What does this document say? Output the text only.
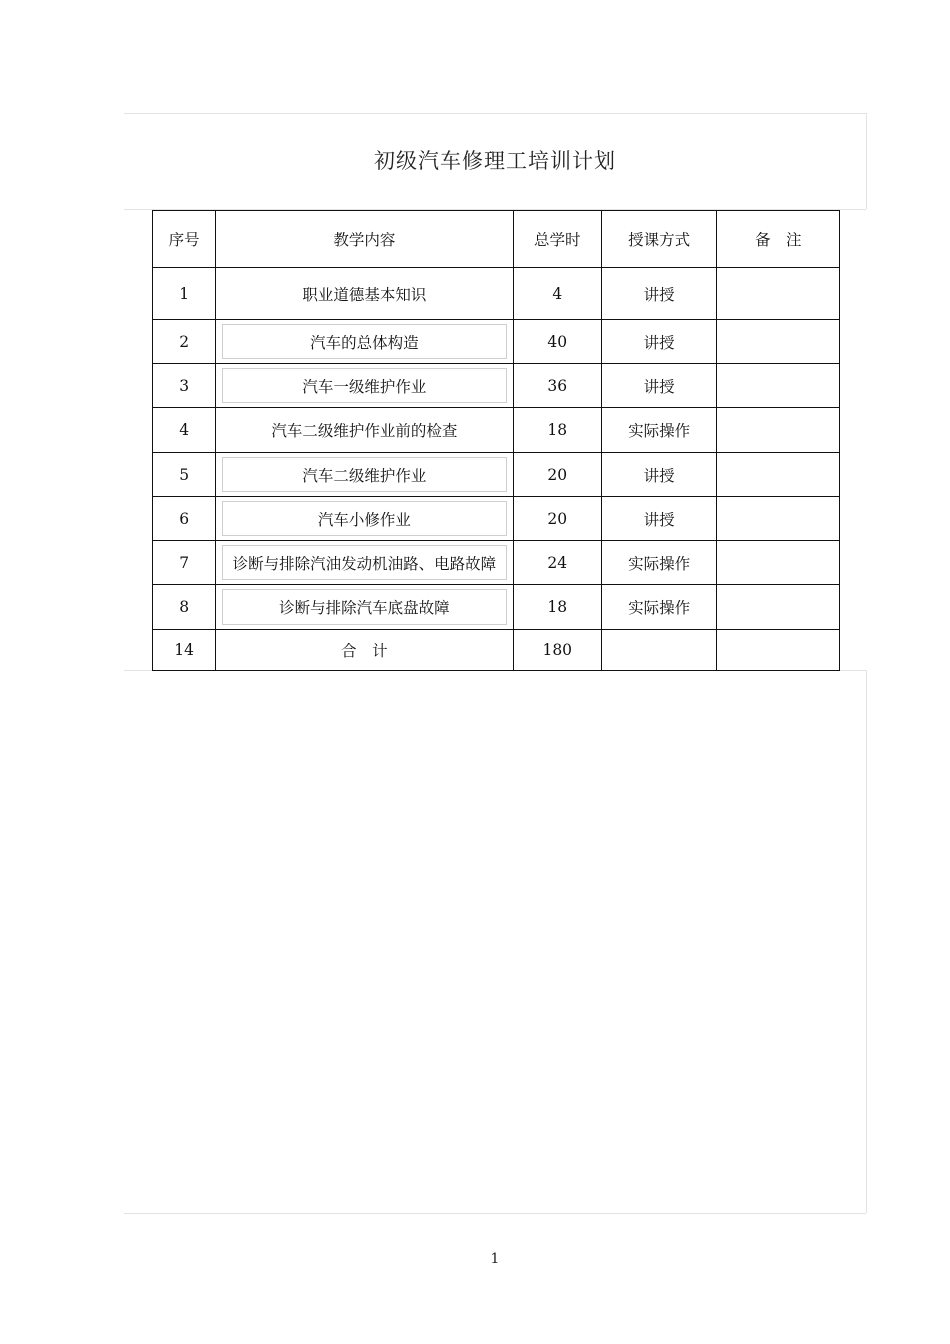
初级汽车修理工培训计划
序号	教学内容	总学时	授课方式	备　注
1	职业道德基本知识	4	讲授	
2	汽车的总体构造	40	讲授	
3	汽车一级维护作业	36	讲授	
4	汽车二级维护作业前的检查	18	实际操作	
5	汽车二级维护作业	20	讲授	
6	汽车小修作业	20	讲授	
7	诊断与排除汽油发动机油路、电路故障	24	实际操作	
8	诊断与排除汽车底盘故障	18	实际操作	
14	合　计	180		
1
